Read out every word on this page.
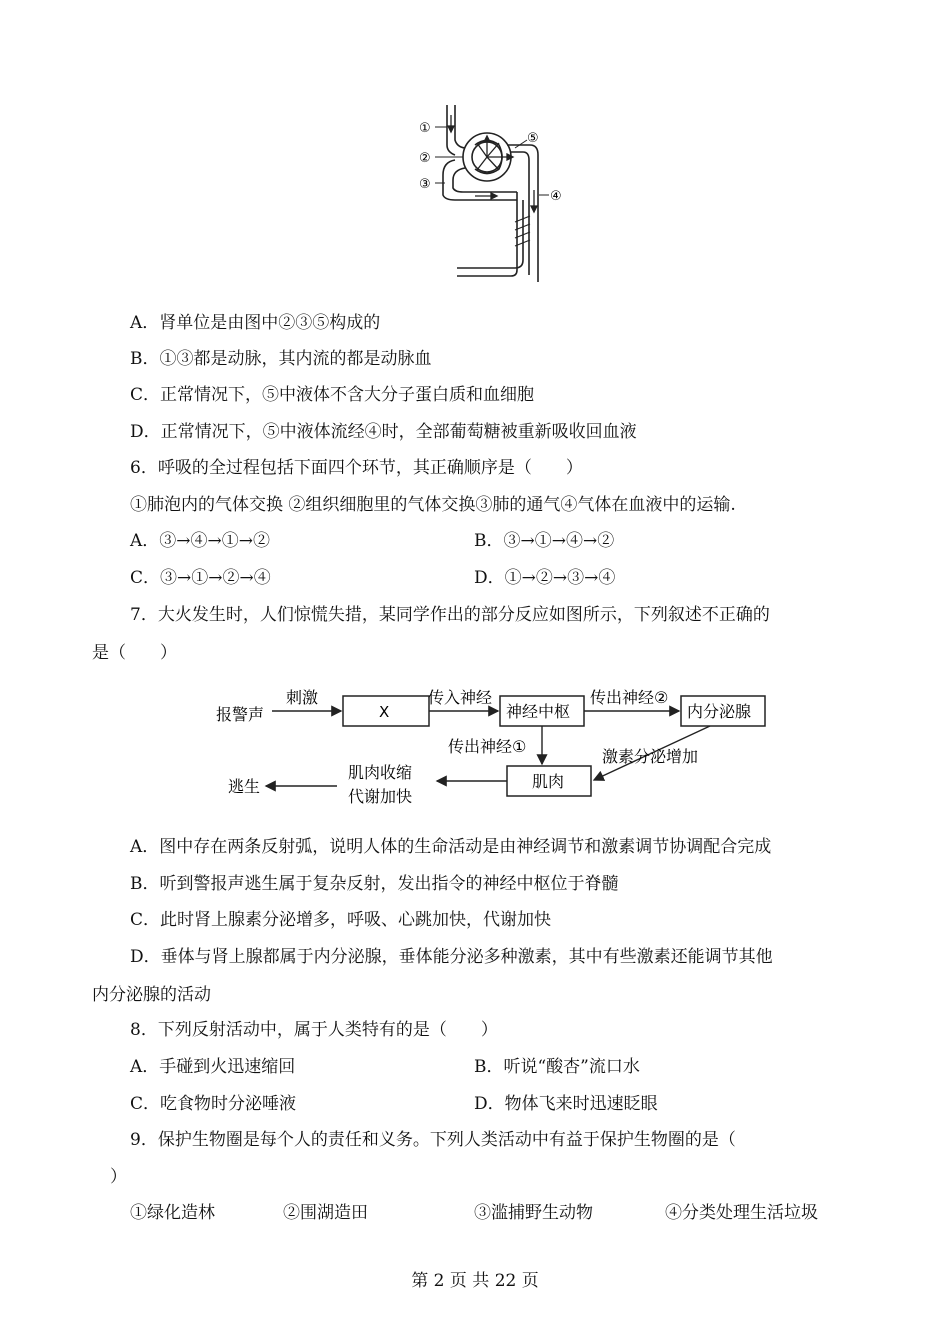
①
②
③
④
⑤
A．肾单位是由图中②③⑤构成的
B．①③都是动脉，其内流的都是动脉血
C．正常情况下，⑤中液体不含大分子蛋白质和血细胞
D．正常情况下，⑤中液体流经④时，全部葡萄糖被重新吸收回血液
6．呼吸的全过程包括下面四个环节，其正确顺序是（　　）
①肺泡内的气体交换 ②组织细胞里的气体交换③肺的通气④气体在血液中的运输.
A．③→④→①→②	B．③→①→④→②
C．③→①→②→④	D．①→②→③→④
7．大火发生时，人们惊慌失措，某同学作出的部分反应如图所示，下列叙述不正确的
是（　　）
报警声
刺激
X
传入神经
神经中枢
传出神经②
内分泌腺
传出神经①
激素分泌增加
肌肉
肌肉收缩
代谢加快
逃生
A．图中存在两条反射弧，说明人体的生命活动是由神经调节和激素调节协调配合完成
B．听到警报声逃生属于复杂反射，发出指令的神经中枢位于脊髓
C．此时肾上腺素分泌增多，呼吸、心跳加快，代谢加快
D．垂体与肾上腺都属于内分泌腺，垂体能分泌多种激素，其中有些激素还能调节其他
内分泌腺的活动
8．下列反射活动中，属于人类特有的是（　　）
A．手碰到火迅速缩回	B．听说“酸杏”流口水
C．吃食物时分泌唾液	D．物体飞来时迅速眨眼
9．保护生物圈是每个人的责任和义务。下列人类活动中有益于保护生物圈的是（
）
①绿化造林	②围湖造田	③滥捕野生动物	④分类处理生活垃圾
第 2 页 共 22 页
